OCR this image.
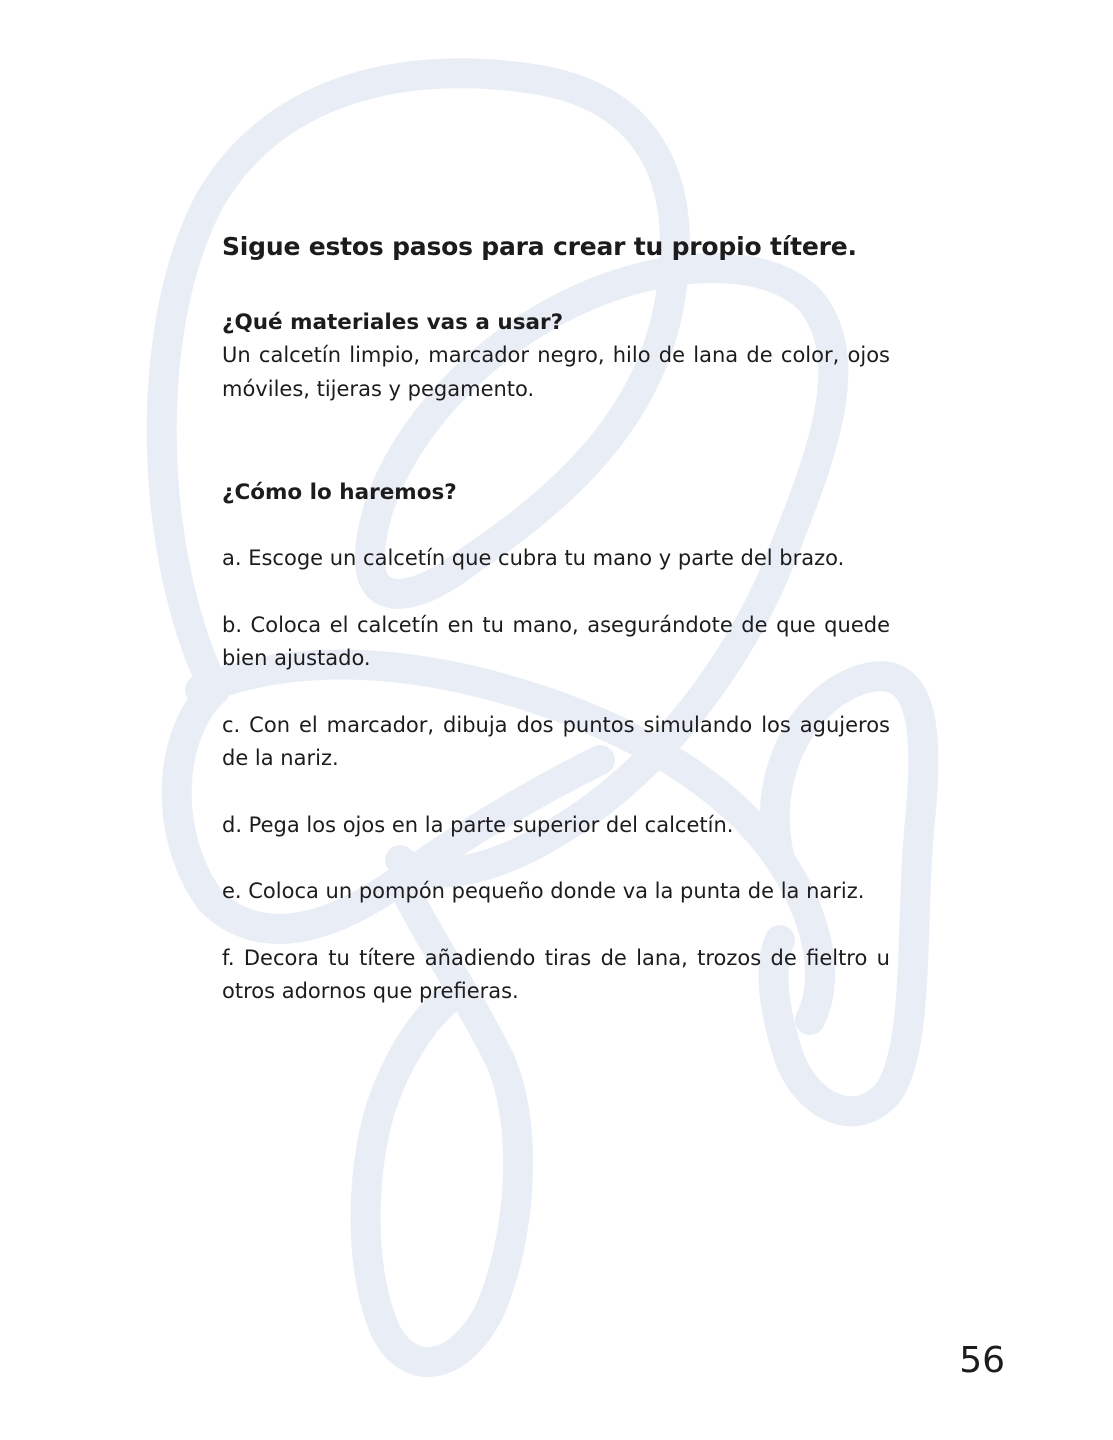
Sigue estos pasos para crear tu propio títere.

¿Qué materiales vas a usar?

Un calcetín limpio, marcador negro, hilo de lana de color, ojos móviles, tijeras y pegamento.

¿Cómo lo haremos?

a. Escoge un calcetín que cubra tu mano y parte del brazo.
b. Coloca el calcetín en tu mano, asegurándote de que quede bien ajustado.
c. Con el marcador, dibuja dos puntos simulando los agujeros de la nariz.
d. Pega los ojos en la parte superior del calcetín.
e. Coloca un pompón pequeño donde va la punta de la nariz.
f. Decora tu títere añadiendo tiras de lana, trozos de fieltro u otros adornos que prefieras.
56
